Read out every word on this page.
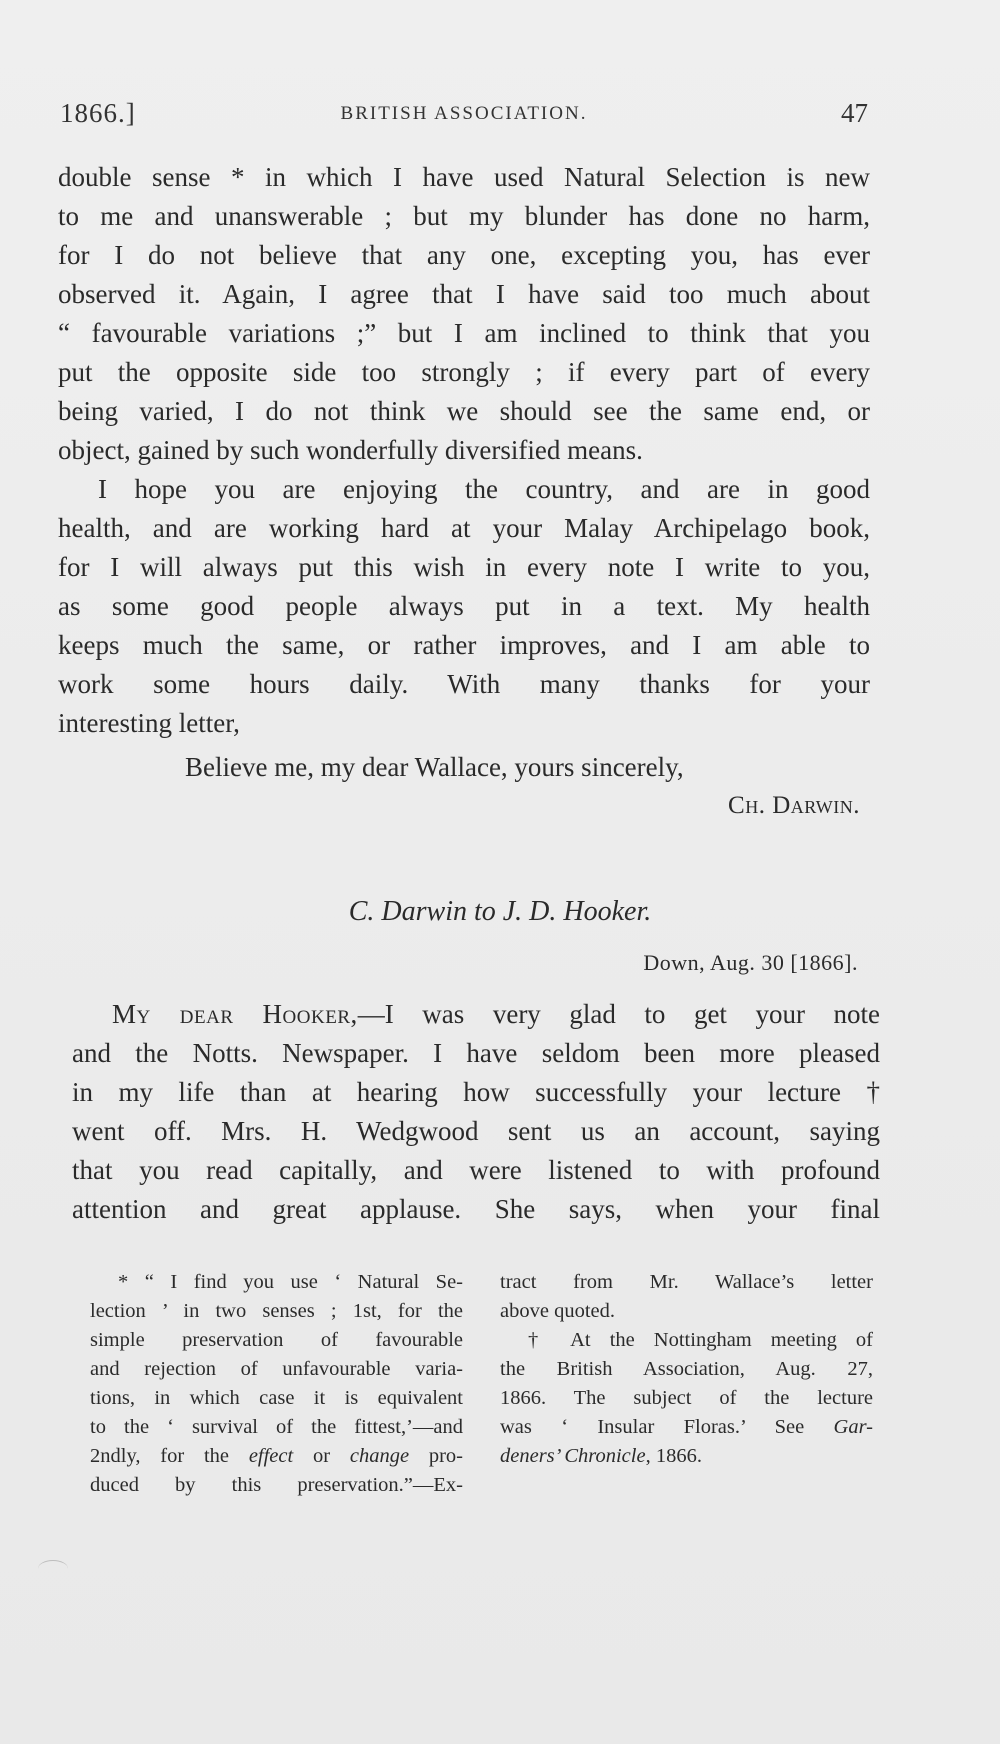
1866.]	BRITISH ASSOCIATION.	47
double sense * in which I have used Natural Selection is new
to me and unanswerable ; but my blunder has done no harm,
for I do not believe that any one, excepting you, has ever
observed it. Again, I agree that I have said too much about
“ favourable variations ;” but I am inclined to think that you
put the opposite side too strongly ; if every part of every
being varied, I do not think we should see the same end, or
object, gained by such wonderfully diversified means.
I hope you are enjoying the country, and are in good
health, and are working hard at your Malay Archipelago book,
for I will always put this wish in every note I write to you,
as some good people always put in a text. My health
keeps much the same, or rather improves, and I am able to
work some hours daily. With many thanks for your
interesting letter,
Believe me, my dear Wallace, yours sincerely,
Ch. Darwin.
C. Darwin to J. D. Hooker.
Down, Aug. 30 [1866].
My dear Hooker,—I was very glad to get your note
and the Notts. Newspaper. I have seldom been more pleased
in my life than at hearing how successfully your lecture †
went off. Mrs. H. Wedgwood sent us an account, saying
that you read capitally, and were listened to with profound
attention and great applause. She says, when your final
* “ I find you use ‘ Natural Se-
lection ’ in two senses ; 1st, for the
simple preservation of favourable
and rejection of unfavourable varia-
tions, in which case it is equivalent
to the ‘ survival of the fittest,’—and
2ndly, for the effect or change pro-
duced by this preservation.”—Ex-
tract from Mr. Wallace’s letter
above quoted.
† At the Nottingham meeting of
the British Association, Aug. 27,
1866. The subject of the lecture
was ‘ Insular Floras.’ See Gar-
deners’ Chronicle, 1866.
